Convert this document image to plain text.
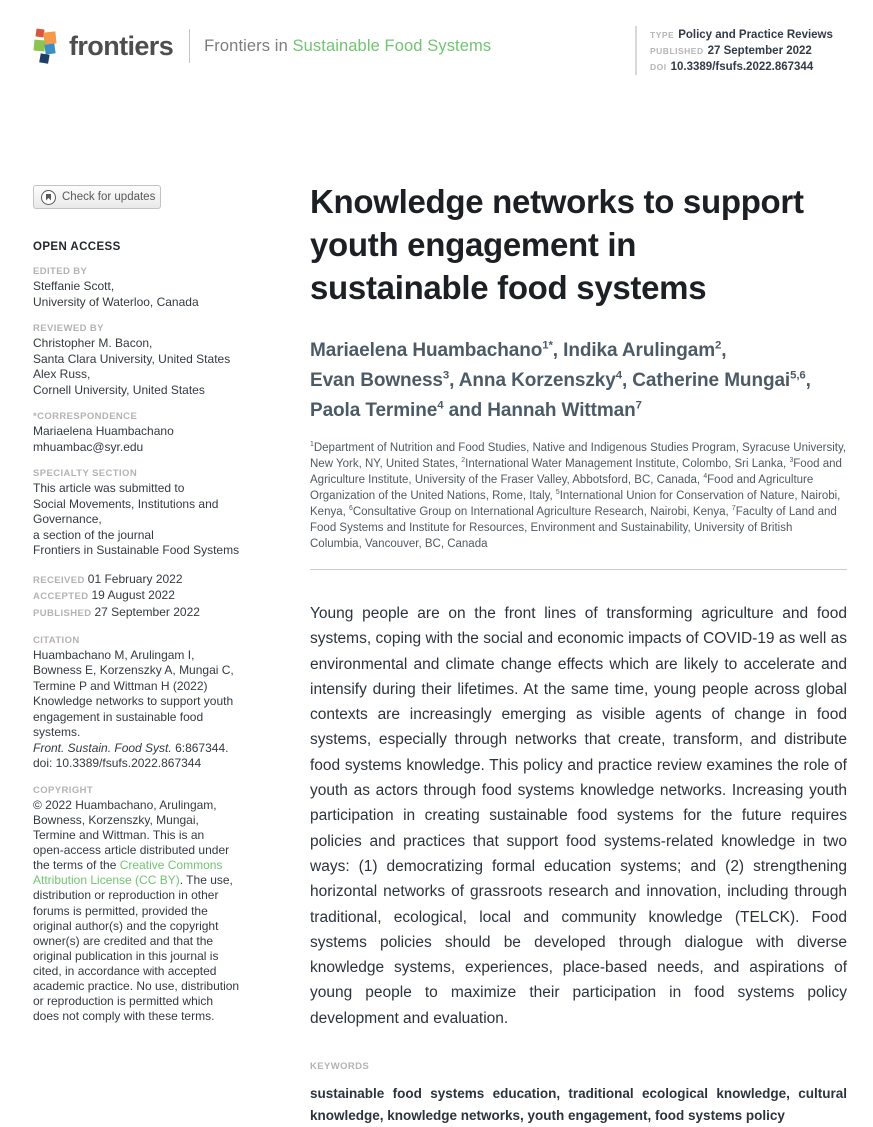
frontiers Frontiers in Sustainable Food Systems
TYPE Policy and Practice Reviews
PUBLISHED 27 September 2022
DOI 10.3389/fsufs.2022.867344
Check for updates
OPEN ACCESS
EDITED BY
Steffanie Scott,
University of Waterloo, Canada
REVIEWED BY
Christopher M. Bacon,
Santa Clara University, United States
Alex Russ,
Cornell University, United States
*CORRESPONDENCE
Mariaelena Huambachano
mhuambac@syr.edu
SPECIALTY SECTION
This article was submitted to
Social Movements, Institutions and
Governance,
a section of the journal
Frontiers in Sustainable Food Systems
RECEIVED 01 February 2022
ACCEPTED 19 August 2022
PUBLISHED 27 September 2022
CITATION
Huambachano M, Arulingam I,
Bowness E, Korzenszky A, Mungai C,
Termine P and Wittman H (2022)
Knowledge networks to support youth
engagement in sustainable food
systems.
Front. Sustain. Food Syst. 6:867344.
doi: 10.3389/fsufs.2022.867344
COPYRIGHT
© 2022 Huambachano, Arulingam,
Bowness, Korzenszky, Mungai,
Termine and Wittman. This is an
open-access article distributed under
the terms of the Creative Commons
Attribution License (CC BY). The use,
distribution or reproduction in other
forums is permitted, provided the
original author(s) and the copyright
owner(s) are credited and that the
original publication in this journal is
cited, in accordance with accepted
academic practice. No use, distribution
or reproduction is permitted which
does not comply with these terms.
Knowledge networks to support
youth engagement in
sustainable food systems
Mariaelena Huambachano$^{1*}$, Indika Arulingam$^2$,
Evan Bowness$^3$, Anna Korzenszky$^4$, Catherine Mungai$^{5,6}$,
Paola Termine$^4$ and Hannah Wittman$^7$
$^1$Department of Nutrition and Food Studies, Native and Indigenous Studies Program, Syracuse University, New York, NY, United States, $^2$International Water Management Institute, Colombo, Sri Lanka, $^3$Food and Agriculture Institute, University of the Fraser Valley, Abbotsford, BC, Canada, $^4$Food and Agriculture Organization of the United Nations, Rome, Italy, $^5$International Union for Conservation of Nature, Nairobi, Kenya, $^6$Consultative Group on International Agriculture Research, Nairobi, Kenya, $^7$Faculty of Land and Food Systems and Institute for Resources, Environment and Sustainability, University of British Columbia, Vancouver, BC, Canada

Young people are on the front lines of transforming agriculture and food systems, coping with the social and economic impacts of COVID-19 as well as environmental and climate change effects which are likely to accelerate and intensify during their lifetimes. At the same time, young people across global contexts are increasingly emerging as visible agents of change in food systems, especially through networks that create, transform, and distribute food systems knowledge. This policy and practice review examines the role of youth as actors through food systems knowledge networks. Increasing youth participation in creating sustainable food systems for the future requires policies and practices that support food systems-related knowledge in two ways: (1) democratizing formal education systems; and (2) strengthening horizontal networks of grassroots research and innovation, including through traditional, ecological, local and community knowledge (TELCK). Food systems policies should be developed through dialogue with diverse knowledge systems, experiences, place-based needs, and aspirations of young people to maximize their participation in food systems policy development and evaluation.

KEYWORDS
sustainable food systems education, traditional ecological knowledge, cultural knowledge, knowledge networks, youth engagement, food systems policy
